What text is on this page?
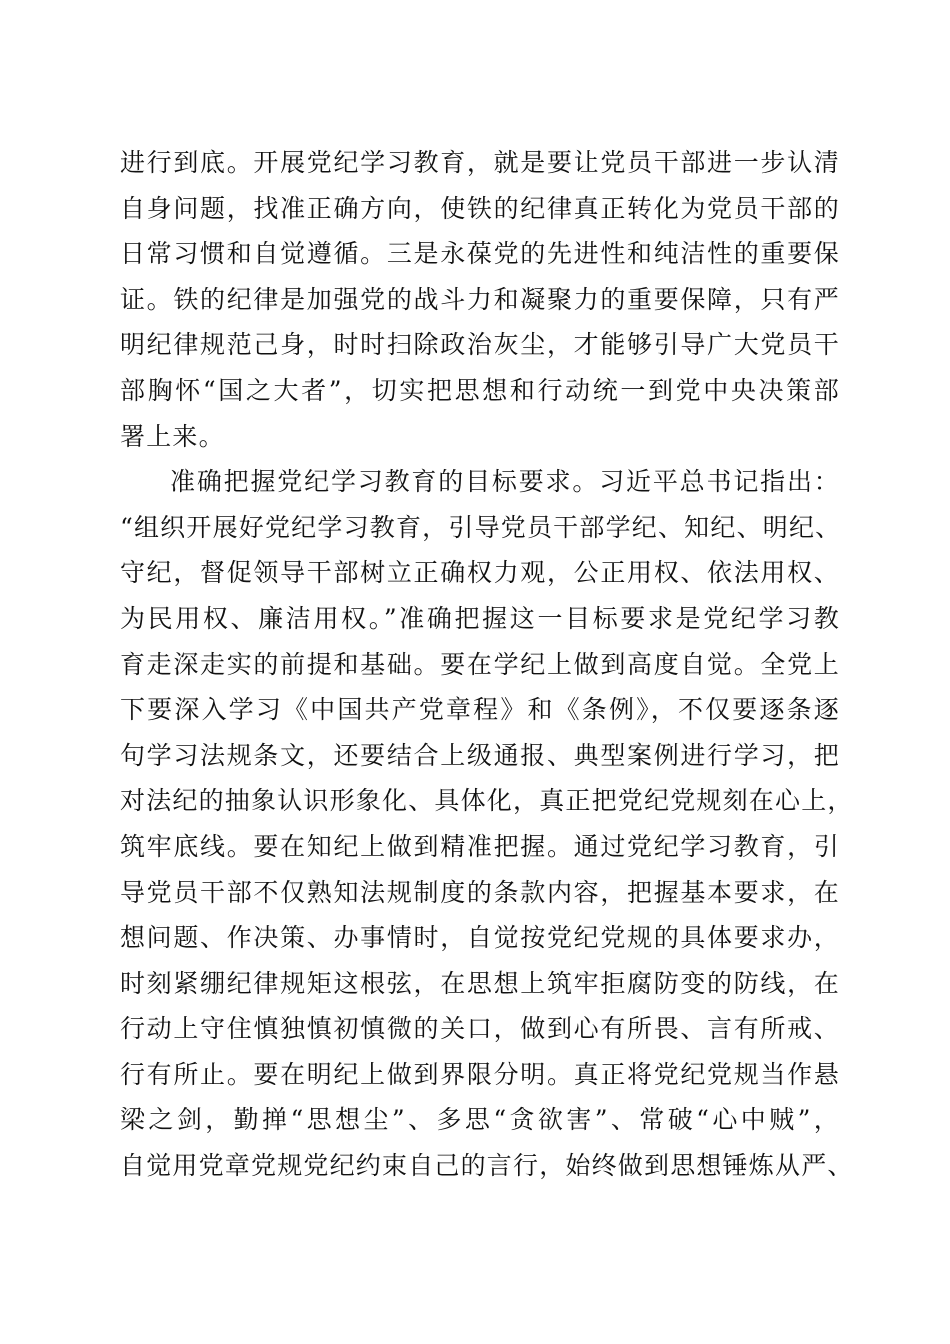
进行到底。开展党纪学习教育，就是要让党员干部进一步认清
自身问题，找准正确方向，使铁的纪律真正转化为党员干部的
日常习惯和自觉遵循。三是永葆党的先进性和纯洁性的重要保
证。铁的纪律是加强党的战斗力和凝聚力的重要保障，只有严
明纪律规范己身，时时扫除政治灰尘，才能够引导广大党员干
部胸怀“国之大者”，切实把思想和行动统一到党中央决策部
署上来。
准确把握党纪学习教育的目标要求。习近平总书记指出：
“组织开展好党纪学习教育，引导党员干部学纪、知纪、明纪、
守纪，督促领导干部树立正确权力观，公正用权、依法用权、
为民用权、廉洁用权。”准确把握这一目标要求是党纪学习教
育走深走实的前提和基础。要在学纪上做到高度自觉。全党上
下要深入学习《中国共产党章程》和《条例》，不仅要逐条逐
句学习法规条文，还要结合上级通报、典型案例进行学习，把
对法纪的抽象认识形象化、具体化，真正把党纪党规刻在心上，
筑牢底线。要在知纪上做到精准把握。通过党纪学习教育，引
导党员干部不仅熟知法规制度的条款内容，把握基本要求，在
想问题、作决策、办事情时，自觉按党纪党规的具体要求办，
时刻紧绷纪律规矩这根弦，在思想上筑牢拒腐防变的防线，在
行动上守住慎独慎初慎微的关口，做到心有所畏、言有所戒、
行有所止。要在明纪上做到界限分明。真正将党纪党规当作悬
梁之剑，勤掸“思想尘”、多思“贪欲害”、常破“心中贼”，
自觉用党章党规党纪约束自己的言行，始终做到思想锤炼从严、
